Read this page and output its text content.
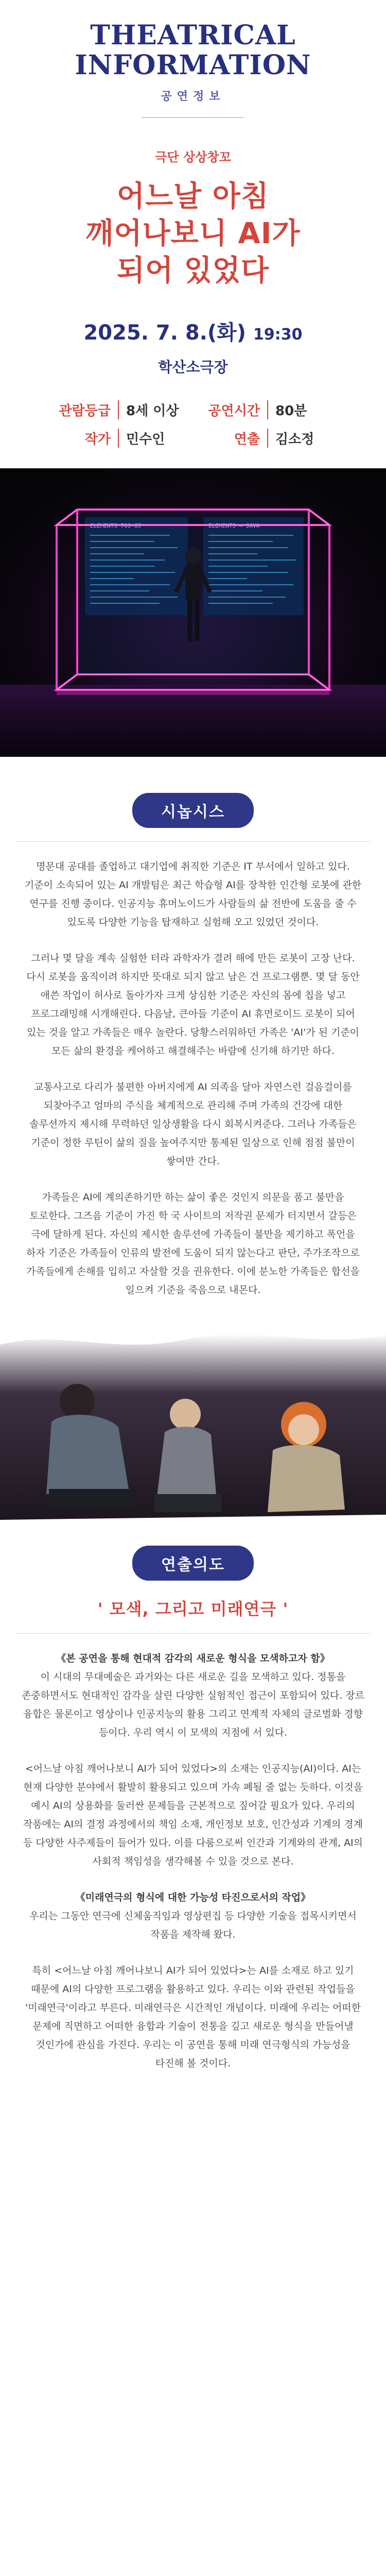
THEATRICAL
INFORMATION
공연정보
극단 상상창꼬
어느날 아침
깨어나보니 AI가
되어 있었다
2025. 7. 8.(화) 19:30
학산소극장
관람등급	8세 이상	공연시간	80분
작가	민수인	연출	김소정
ELEMENTS 700-85	ELEMENTS — JAVA
시놉시스

명문대 공대를 졸업하고 대기업에 취직한 기준은 IT 부서에서 일하고 있다. 기준이 소속되어 있는 AI 개발팀은 최근 학습형 AI를 장착한 인간형 로봇에 관한 연구를 진행 중이다. 인공지능 휴머노이드가 사람들의 삶 전반에 도움을 줄 수 있도록 다양한 기능을 탑재하고 실험해 오고 있었던 것이다.

그러나 몇 달을 계속 실험한 터라 과학자가 결려 해에 만든 로봇이 고장 난다. 다시 로봇을 움직이려 하지만 뜻대로 되지 않고 남은 건 프로그램뿐. 몇 달 동안 애쓴 작업이 허사로 돌아가자 크게 상심한 기준은 자신의 몸에 칩을 넣고 프로그래밍해 시개해린다. 다음날, 큰아들 기준이 AI 휴먼로이드 로봇이 되어 있는 것을 알고 가족들은 매우 놀란다. 당황스러워하던 가족은 'AI'가 된 기준이 모든 삶의 환경을 케어하고 해결해주는 바람에 신기해 하기만 하다.

교통사고로 다리가 불편한 아버지에게 AI 의족을 달아 자연스런 걸음걸이를 되찾아주고 엄마의 주식을 체계적으로 관리해 주며 가족의 건강에 대한 솔루션까지 제시해 무력하던 일상생활을 다시 회복시켜준다. 그러나 가족들은 기준이 정한 루틴이 삶의 질을 높여주지만 통제된 일상으로 인해 점점 불만이 쌓여만 간다.

가족들은 AI에 계의존하기만 하는 삶이 좋은 것인지 의문을 품고 불만을 토로한다. 그즈음 기준이 가진 학 국 사이트의 저작권 문제가 터지면서 갈등은 극에 달하게 된다. 자신의 제시한 솔루션에 가족들이 불만을 제기하고 폭언을 하자 기준은 가족들이 인류의 발전에 도움이 되지 않는다고 판단, 주가조작으로 가족들에게 손해를 입히고 자살할 것을 권유한다. 이에 분노한 가족들은 합선을 일으켜 기준을 죽음으로 내몬다.

연출의도
' 모색, 그리고 미래연극 '

《본 공연을 통해 현대적 감각의 새로운 형식을 모색하고자 함》
이 시대의 무대예술은 과거와는 다른 새로운 길을 모색하고 있다. 정통을 존중하면서도 현대적인 감각을 살린 다양한 실험적인 접근이 포함되어 있다. 장르 융합은 물론이고 영상이나 인공지능의 활용 그리고 연계적 자체의 글로벌화 경향 등이다. 우리 역시 이 모색의 지점에 서 있다.

<어느날 아침 깨어나보니 AI가 되어 있었다>의 소재는 인공지능(AI)이다. AI는 현재 다양한 분야에서 활발히 활용되고 있으며 가속 폐될 줄 없는 듯하다. 이것을 예시 AI의 상용화를 둘러싼 문제들을 근본적으로 짚어갈 필요가 있다. 우리의 작품에는 AI의 결정 과정에서의 책임 소재, 개인정보 보호, 인간성과 기계의 경계 등 다양한 사주제들이 들어가 있다. 이를 다룸으로써 인간과 기계와의 관계, AI의 사회적 책임성을 생각해볼 수 있을 것으로 본다.

《미래연극의 형식에 대한 가능성 타진으로서의 작업》
우리는 그동안 연극에 신체움직임과 영상편집 등 다양한 기술을 접목시키면서 작품을 제작해 왔다.

특히 <어느날 아침 깨어나보니 AI가 되어 있었다>는 AI를 소재로 하고 있기 때문에 AI의 다양한 프로그램을 활용하고 있다. 우리는 이와 관련된 작업들을 '미래연극'이라고 부른다. 미래연극은 시간적인 개념이다. 미래에 우리는 어떠한 문제에 직면하고 어떠한 융합과 기술이 전통을 깊고 새로운 형식을 만들어낼 것인가에 관심을 가진다. 우리는 이 공연을 통해 미래 연극형식의 가능성을 타진해 볼 것이다.
